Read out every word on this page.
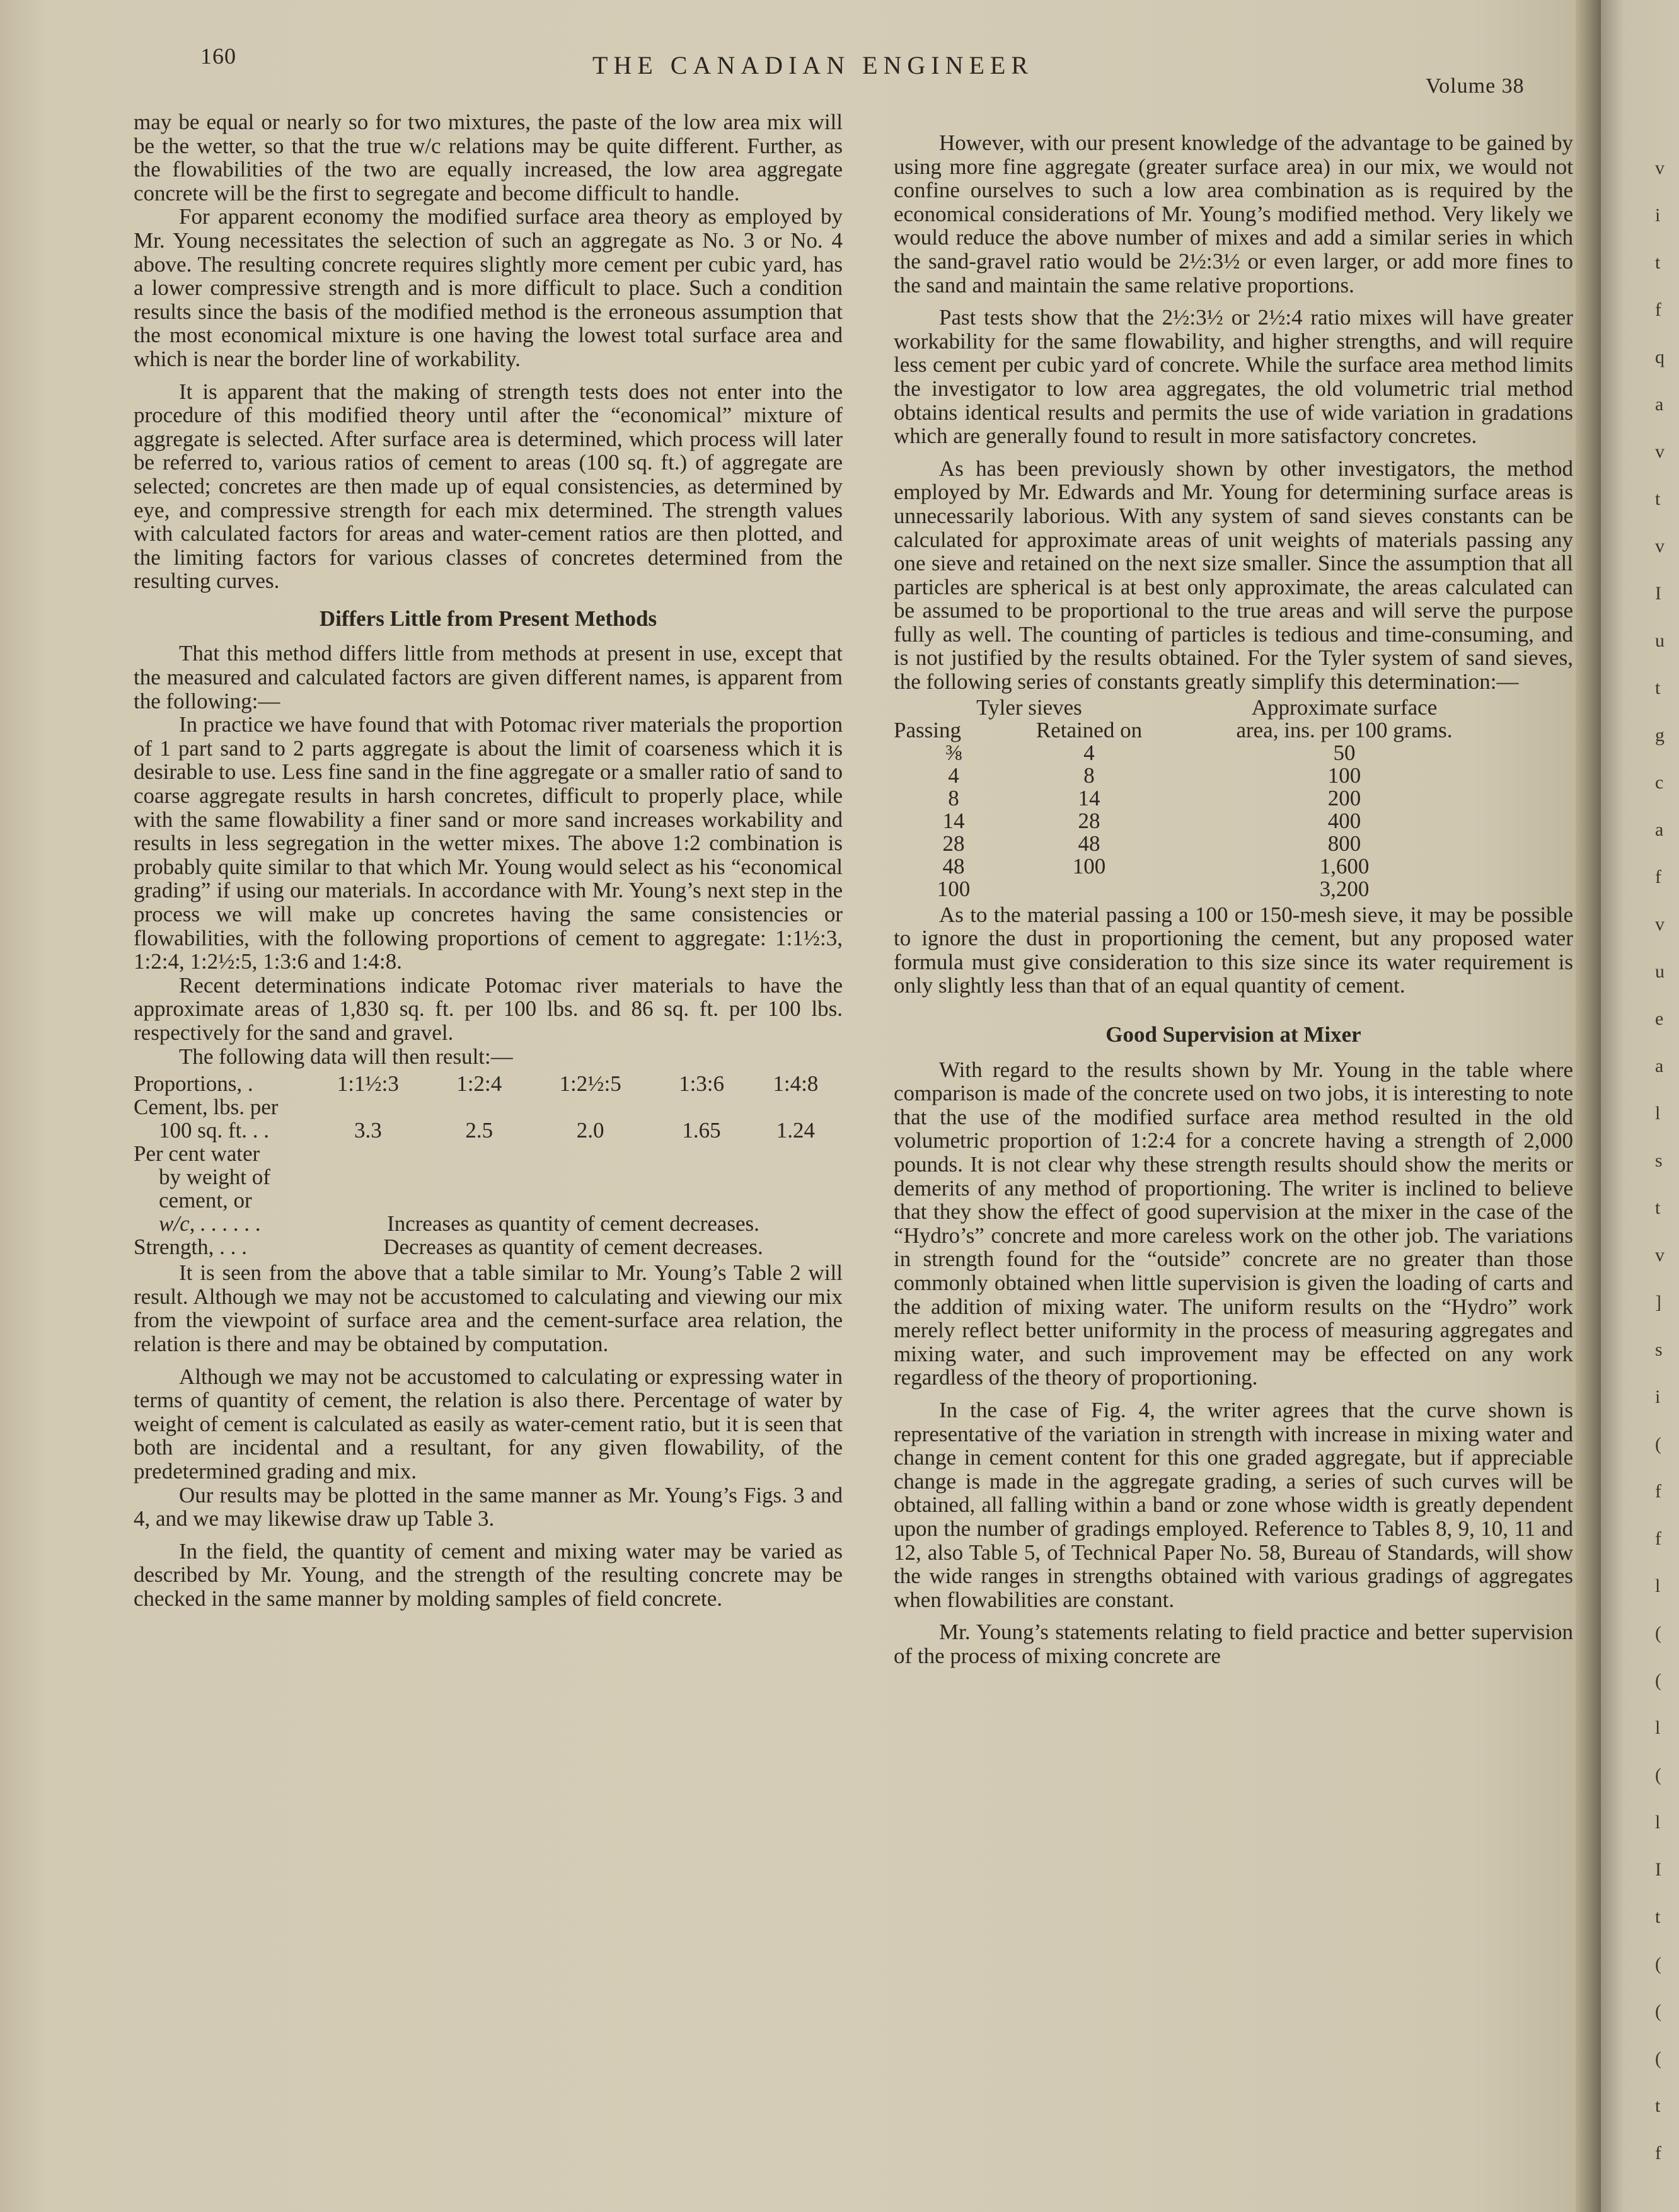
v
i
t
f
q
a
v
t
v
I
u
t
g
c
a
f
v
u
e
a
l
s
t
v
]
s
i
(
f
f
l
(
(
l
(
l
I
t
(
(
(
t
f
160	THE CANADIAN ENGINEER
Volume 38

may be equal or nearly so for two mixtures, the paste of the low area mix will be the wetter, so that the true w/c relations may be quite different. Further, as the flowabilities of the two are equally increased, the low area aggregate concrete will be the first to segregate and become difficult to handle.

For apparent economy the modified surface area theory as employed by Mr. Young necessitates the selection of such an aggregate as No. 3 or No. 4 above. The resulting concrete requires slightly more cement per cubic yard, has a lower compressive strength and is more difficult to place. Such a condition results since the basis of the modified method is the erroneous assumption that the most economical mixture is one having the lowest total surface area and which is near the border line of workability.

It is apparent that the making of strength tests does not enter into the procedure of this modified theory until after the “economical” mixture of aggregate is selected. After surface area is determined, which process will later be referred to, various ratios of cement to areas (100 sq. ft.) of aggregate are selected; concretes are then made up of equal consistencies, as determined by eye, and compressive strength for each mix determined. The strength values with calculated factors for areas and water-cement ratios are then plotted, and the limiting factors for various classes of concretes determined from the resulting curves.

Differs Little from Present Methods

That this method differs little from methods at present in use, except that the measured and calculated factors are given different names, is apparent from the following:—

In practice we have found that with Potomac river materials the proportion of 1 part sand to 2 parts aggregate is about the limit of coarseness which it is desirable to use. Less fine sand in the fine aggregate or a smaller ratio of sand to coarse aggregate results in harsh concretes, difficult to properly place, while with the same flowability a finer sand or more sand increases workability and results in less segregation in the wetter mixes. The above 1:2 combination is probably quite similar to that which Mr. Young would select as his “economical grading” if using our materials. In accordance with Mr. Young’s next step in the process we will make up concretes having the same consistencies or flowabilities, with the following proportions of cement to aggregate: 1:1½:3, 1:2:4, 1:2½:5, 1:3:6 and 1:4:8.

Recent determinations indicate Potomac river materials to have the approximate areas of 1,830 sq. ft. per 100 lbs. and 86 sq. ft. per 100 lbs. respectively for the sand and gravel.

The following data will then result:—

Proportions, .	1:1½:3	1:2:4	1:2½:5	1:3:6	1:4:8
Cement, lbs. per					
100 sq. ft. . .	3.3	2.5	2.0	1.65	1.24
Per cent water					
by weight of					
cement, or					
w/c, . . . . . .	Increases as quantity of cement decreases.				
Strength, . . .	Decreases as quantity of cement decreases.				

It is seen from the above that a table similar to Mr. Young’s Table 2 will result. Although we may not be accustomed to calculating and viewing our mix from the viewpoint of surface area and the cement-surface area relation, the relation is there and may be obtained by computation.

Although we may not be accustomed to calculating or expressing water in terms of quantity of cement, the relation is also there. Percentage of water by weight of cement is calculated as easily as water-cement ratio, but it is seen that both are incidental and a resultant, for any given flowability, of the predetermined grading and mix.

Our results may be plotted in the same manner as Mr. Young’s Figs. 3 and 4, and we may likewise draw up Table 3.

In the field, the quantity of cement and mixing water may be varied as described by Mr. Young, and the strength of the resulting concrete may be checked in the same manner by molding samples of field concrete.

However, with our present knowledge of the advantage to be gained by using more fine aggregate (greater surface area) in our mix, we would not confine ourselves to such a low area combination as is required by the economical considerations of Mr. Young’s modified method. Very likely we would reduce the above number of mixes and add a similar series in which the sand-gravel ratio would be 2½:3½ or even larger, or add more fines to the sand and maintain the same relative proportions.

Past tests show that the 2½:3½ or 2½:4 ratio mixes will have greater workability for the same flowability, and higher strengths, and will require less cement per cubic yard of concrete. While the surface area method limits the investigator to low area aggregates, the old volumetric trial method obtains identical results and permits the use of wide variation in gradations which are generally found to result in more satisfactory concretes.

As has been previously shown by other investigators, the method employed by Mr. Edwards and Mr. Young for determining surface areas is unnecessarily laborious. With any system of sand sieves constants can be calculated for approximate areas of unit weights of materials passing any one sieve and retained on the next size smaller. Since the assumption that all particles are spherical is at best only approximate, the areas calculated can be assumed to be proportional to the true areas and will serve the purpose fully as well. The counting of particles is tedious and time-consuming, and is not justified by the results obtained. For the Tyler system of sand sieves, the following series of constants greatly simplify this determination:—

Tyler sieves		Approximate surface
Passing	Retained on	area, ins. per 100 grams.
⅜	4	50
4	8	100
8	14	200
14	28	400
28	48	800
48	100	1,600
100		3,200

As to the material passing a 100 or 150-mesh sieve, it may be possible to ignore the dust in proportioning the cement, but any proposed water formula must give consideration to this size since its water requirement is only slightly less than that of an equal quantity of cement.

Good Supervision at Mixer

With regard to the results shown by Mr. Young in the table where comparison is made of the concrete used on two jobs, it is interesting to note that the use of the modified surface area method resulted in the old volumetric proportion of 1:2:4 for a concrete having a strength of 2,000 pounds. It is not clear why these strength results should show the merits or demerits of any method of proportioning. The writer is inclined to believe that they show the effect of good supervision at the mixer in the case of the “Hydro’s” concrete and more careless work on the other job. The variations in strength found for the “outside” concrete are no greater than those commonly obtained when little supervision is given the loading of carts and the addition of mixing water. The uniform results on the “Hydro” work merely reflect better uniformity in the process of measuring aggregates and mixing water, and such improvement may be effected on any work regardless of the theory of proportioning.

In the case of Fig. 4, the writer agrees that the curve shown is representative of the variation in strength with increase in mixing water and change in cement content for this one graded aggregate, but if appreciable change is made in the aggregate grading, a series of such curves will be obtained, all falling within a band or zone whose width is greatly dependent upon the number of gradings employed. Reference to Tables 8, 9, 10, 11 and 12, also Table 5, of Technical Paper No. 58, Bureau of Standards, will show the wide ranges in strengths obtained with various gradings of aggregates when flowabilities are constant.

Mr. Young’s statements relating to field practice and better supervision of the process of mixing concrete are
